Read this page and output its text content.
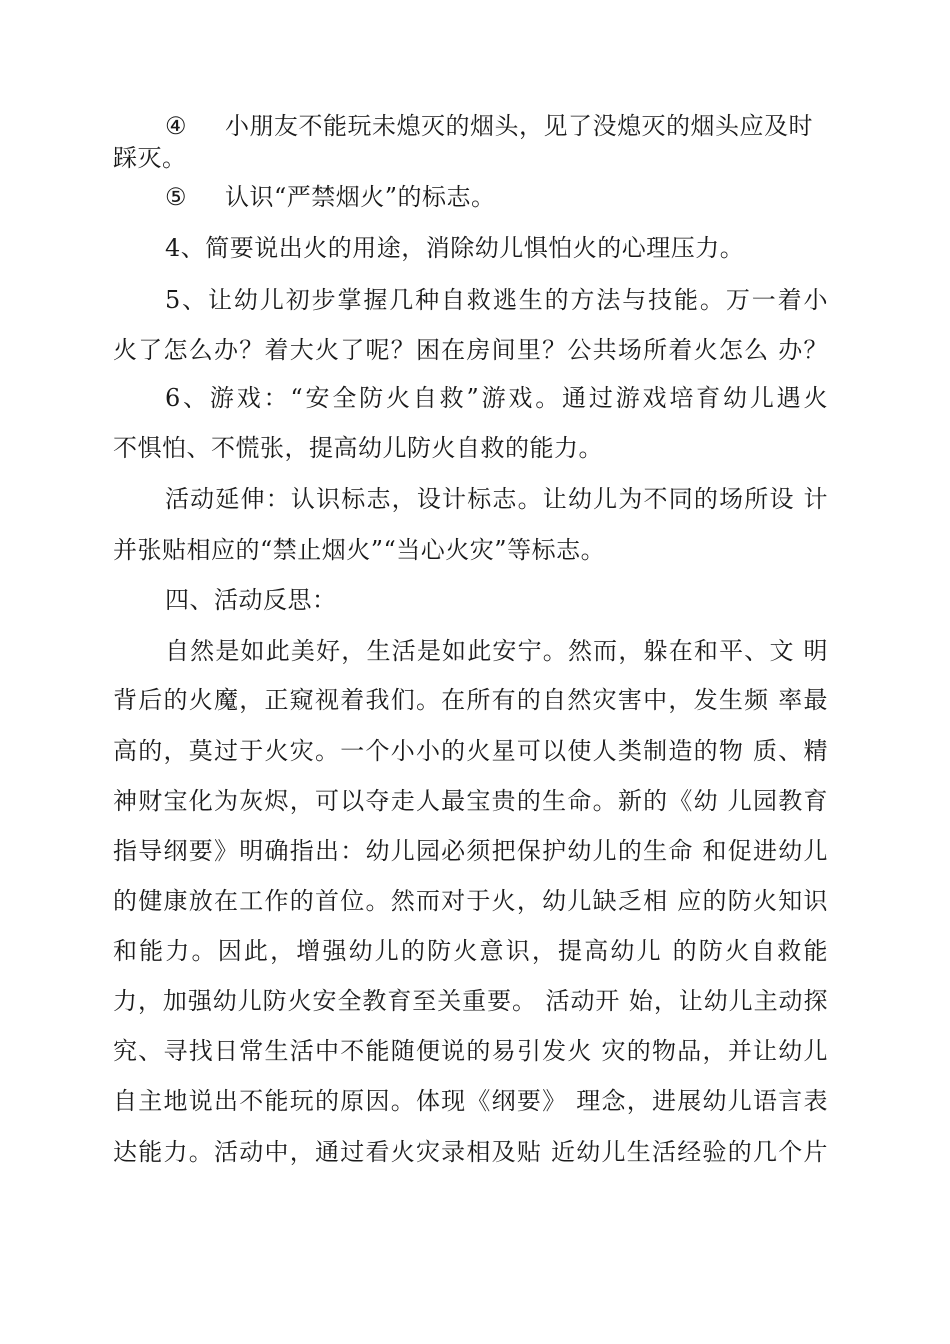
④ 小朋友不能玩未熄灭的烟头，见了没熄灭的烟头应及时
踩灭。
⑤ 认识“严禁烟火”的标志。
4、简要说出火的用途，消除幼儿惧怕火的心理压力。
5、让幼儿初步掌握几种自救逃生的方法与技能。万一着小
火了怎么办？着大火了呢？困在房间里？公共场所着火怎么 办？
6、游戏：“安全防火自救”游戏。通过游戏培育幼儿遇火
不惧怕、不慌张，提高幼儿防火自救的能力。
活动延伸：认识标志，设计标志。让幼儿为不同的场所设 计
并张贴相应的“禁止烟火”“当心火灾”等标志。
四、活动反思：
自然是如此美好，生活是如此安宁。然而，躲在和平、文 明
背后的火魔，正窥视着我们。在所有的自然灾害中，发生频 率最
高的，莫过于火灾。一个小小的火星可以使人类制造的物 质、精
神财宝化为灰烬，可以夺走人最宝贵的生命。新的《幼 儿园教育
指导纲要》明确指出：幼儿园必须把保护幼儿的生命 和促进幼儿
的健康放在工作的首位。然而对于火，幼儿缺乏相 应的防火知识
和能力。因此，增强幼儿的防火意识，提高幼儿 的防火自救能
力，加强幼儿防火安全教育至关重要。 活动开 始，让幼儿主动探
究、寻找日常生活中不能随便说的易引发火 灾的物品，并让幼儿
自主地说出不能玩的原因。体现《纲要》 理念，进展幼儿语言表
达能力。活动中，通过看火灾录相及贴 近幼儿生活经验的几个片
